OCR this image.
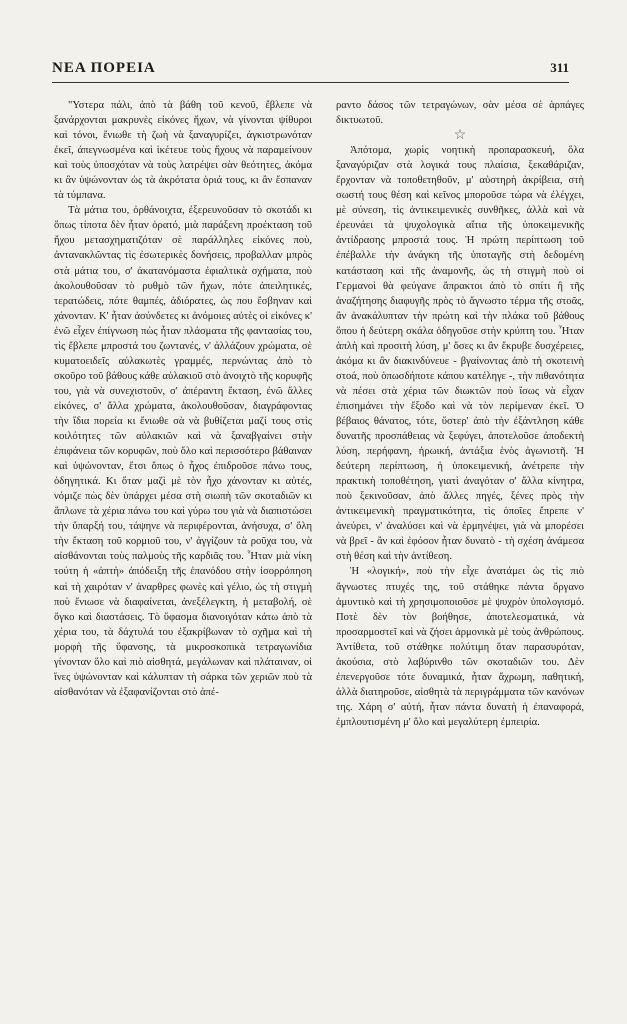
ΝΕΑ ΠΟΡΕΙΑ	311

"Υστερα πάλι, ἀπὸ τὰ βάθη τοῦ κενοῦ, ἔβλεπε νὰ ξανάρχονται μακρυνὲς εἰκόνες ἤχων, νὰ γίνονται ψίθυροι καὶ τόνοι, ἔνιωθε τὴ ζωὴ νὰ ξαναγυρίζει, ἀγκιστρωνόταν ἐκεῖ, ἀπεγνωσμένα καὶ ἱκέτευε τοὺς ἤχους νὰ παραμείνουν καὶ τοὺς ὑποσχόταν νὰ τοὺς λατρέψει σὰν θεότητες, ἀκόμα κι ἂν ὑψώνονταν ὡς τὰ ἀκρότατα ὁριά τους, κι ἂν ἔσπαναν τὰ τύμπανα.

Τὰ μάτια του, ὀρθάνοιχτα, ἐξερευνοῦσαν τὸ σκοτάδι κι ὅπως τίποτα δὲν ἦταν ὁρατό, μιὰ παράξενη προέκταση τοῦ ἤχου μετασχηματιζόταν σὲ παράλληλες εἰκόνες ποὺ, ἀντανακλῶντας τὶς ἐσωτερικὲς δονήσεις, προβαλλαν μπρὸς στὰ μάτια του, σ' ἀκατανόμαστα ἐφιαλτικὰ σχήματα, ποὺ ἀκολουθοῦσαν τὸ ρυθμὸ τῶν ἤχων, πότε ἀπειλητικές, τερατώδεις, πότε θαμπές, ἀδιόρατες, ὡς που ἔσβηναν καὶ χάνονταν. Κ' ἦταν ἀσύνδετες κι ἀνόμοιες αὐτὲς οἱ εἰκόνες κ' ἐνῶ εἶχεν ἐπίγνωση πὼς ἦταν πλάσματα τῆς φαντασίας του, τὶς ἔβλεπε μπροστά του ζωντανές, ν' ἀλλάζουν χρώματα, σὲ κυματοειδεῖς αὐλακωτὲς γραμμές, περνώντας ἀπὸ τὸ σκοῦρο τοῦ βάθους κάθε αὐλακιοῦ στὸ ἀνοιχτὸ τῆς κορυφῆς του, γιὰ νὰ συνεχιστοῦν, σ' ἀπέραντη ἔκταση, ἐνῶ ἄλλες εἰκόνες, σ' ἄλλα χρώματα, ἀκολουθοῦσαν, διαγράφοντας τὴν ἴδια πορεία κι ἔνιωθε σὰ νὰ βυθίζεται μαζί τους στὶς κοιλότητες τῶν αὐλακιῶν καὶ νὰ ξαναβγαίνει στὴν ἐπιφάνεια τῶν κορυφῶν, ποὺ ὅλο καὶ περισσότερο βάθαιναν καὶ ὑψώνονταν, ἔτσι ὅπως ὁ ἦχος ἐπιδροῦσε πάνω τους, ὁδηγητικά. Κι ὅταν μαζὶ μὲ τὸν ἦχο χάνονταν κι αὐτές, νόμιζε πὼς δὲν ὑπάρχει μέσα στὴ σιωπὴ τῶν σκοταδιῶν κι ἅπλωνε τὰ χέρια πάνω του καὶ γύρω του γιὰ νὰ διαπιστώσει τὴν ὕπαρξή του, τάψηνε νὰ περιφέρονται, ἀνήσυχα, σ' ὅλη τὴν ἔκταση τοῦ κορμιοῦ του, ν' ἀγγίζουν τὰ ροῦχα του, νὰ αἰσθάνονται τοὺς παλμοὺς τῆς καρδιᾶς του. Ἦταν μιὰ νίκη τούτη ἡ «ἀπτὴ» ἀπόδειξη τῆς ἐπανόδου στὴν ἰσορρόπηση καὶ τὴ χαιρόταν ν' ἀναρθρες φωνὲς καὶ γέλιο, ὡς τὴ στιγμὴ ποὺ ἔνιωσε νὰ διαφαίνεται, ἀνεξέλεγκτη, ἡ μεταβολή, σὲ ὄγκο καὶ διαστάσεις. Τὸ ὕφασμα διανοιγόταν κάτω ἀπὸ τὰ χέρια του, τὰ δάχτυλά του ἐξακρίβωναν τὸ σχῆμα καὶ τὴ μορφὴ τῆς ὕφανσης, τὰ μικροσκοπικὰ τετραγωνίδια γίνονταν ὅλο καὶ πιὸ αἰσθητά, μεγάλωναν καὶ πλάταιναν, οἱ ἴνες ὑψώνονταν καὶ κάλυπταν τὴ σάρκα τῶν χεριῶν ποὺ τὰ αἰσθανόταν νὰ ἐξαφανίζονται στὸ ἀπέ-

ραντο δάσος τῶν τετραγώνων, σὰν μέσα σὲ ἁρπάγες δικτυωτοῦ.

☆

Ἀπότομα, χωρὶς νοητικὴ προπαρασκευή, ὅλα ξαναγύριζαν στὰ λογικά τους πλαίσια, ξεκαθάριζαν, ἔρχονταν νὰ τοποθετηθοῦν, μ' αὐστηρὴ ἀκρίβεια, στὴ σωστή τους θέση καὶ κεῖνος μποροῦσε τώρα νὰ ἐλέγχει, μὲ σύνεση, τὶς ἀντικειμενικὲς συνθῆκες, ἀλλὰ καὶ νὰ ἐρευνάει τὰ ψυχολογικὰ αἴτια τῆς ὑποκειμενικῆς ἀντίδρασης μπροστά τους. Ἡ πρώτη περίπτωση τοῦ ἐπέβαλλε τὴν ἀνάγκη τῆς ὑποταγῆς στὴ δεδομένη κατάσταση καὶ τῆς ἀναμονῆς, ὡς τὴ στιγμὴ ποὺ οἱ Γερμανοὶ θὰ φεύγανε ἄπρακτοι ἀπὸ τὸ σπίτι ἢ τῆς ἀναζήτησης διαφυγῆς πρὸς τὸ ἄγνωστο τέρμα τῆς στοᾶς, ἂν ἀνακάλυπταν τὴν πρώτη καὶ τὴν πλάκα τοῦ βάθους ὅπου ἡ δεύτερη σκάλα ὁδηγοῦσε στὴν κρύπτη του. Ἦταν ἁπλὴ καὶ προσιτὴ λύση, μ' ὅσες κι ἂν ἔκρυβε δυσχέρειες, ἀκόμα κι ἂν διακινδύνευε - βγαίνοντας ἀπὸ τὴ σκοτεινὴ στοά, ποὺ ὁπωσδήποτε κάπου κατέληγε -, τὴν πιθανότητα νὰ πέσει στὰ χέρια τῶν διωκτῶν ποὺ ἴσως νὰ εἶχαν ἐπισημάνει τὴν ἔξοδο καὶ νὰ τὸν περίμεναν ἐκεῖ. Ὁ βέβαιος θάνατος, τότε, ὕστερ' ἀπὸ τὴν ἐξάντληση κάθε δυνατῆς προσπάθειας νὰ ξεφύγει, ἀποτελοῦσε ἀποδεκτὴ λύση, περήφανη, ἡρωική, ἀντάξια ἑνὸς ἀγωνιστῆ. Ἡ δεύτερη περίπτωση, ἡ ὑποκειμενική, ἀνέτρεπε τὴν πρακτικὴ τοποθέτηση, γιατὶ ἀναγόταν σ' ἄλλα κίνητρα, ποὺ ξεκινοῦσαν, ἀπὸ ἄλλες πηγές, ξένες πρὸς τὴν ἀντικειμενικὴ πραγματικότητα, τὶς ὁποῖες ἔπρεπε ν' ἀνεύρει, ν' ἀναλύσει καὶ νὰ ἑρμηνέψει, γιὰ νὰ μπορέσει νὰ βρεῖ - ἂν καὶ ἐφόσον ἦταν δυνατὸ - τὴ σχέση ἀνάμεσα στὴ θέση καὶ τὴν ἀντίθεση.

Ἡ «λογική», ποὺ τὴν εἶχε ἀνατάμει ὡς τὶς πιὸ ἄγνωστες πτυχές της, τοῦ στάθηκε πάντα ὄργανο ἀμυντικὸ καὶ τὴ χρησιμοποιοῦσε μὲ ψυχρὸν ὑπολογισμό. Ποτὲ δὲν τὸν βοήθησε, ἀποτελεσματικά, νὰ προσαρμοστεῖ καὶ νὰ ζήσει ἁρμονικὰ μὲ τοὺς ἀνθρώπους. Ἀντίθετα, τοῦ στάθηκε πολύτιμη ὅταν παρασυρόταν, ἀκούσια, στὸ λαβύρινθο τῶν σκοταδιῶν του. Δὲν ἐπενεργοῦσε τότε δυναμικά, ἦταν ἄχρωμη, παθητική, ἀλλὰ διατηροῦσε, αἰσθητὰ τὰ περιγράμματα τῶν κανόνων της. Χάρη σ' αὐτή, ἦταν πάντα δυνατὴ ἡ ἐπαναφορά, ἐμπλουτισμένη μ' ὅλο καὶ μεγαλύτερη ἐμπειρία.
